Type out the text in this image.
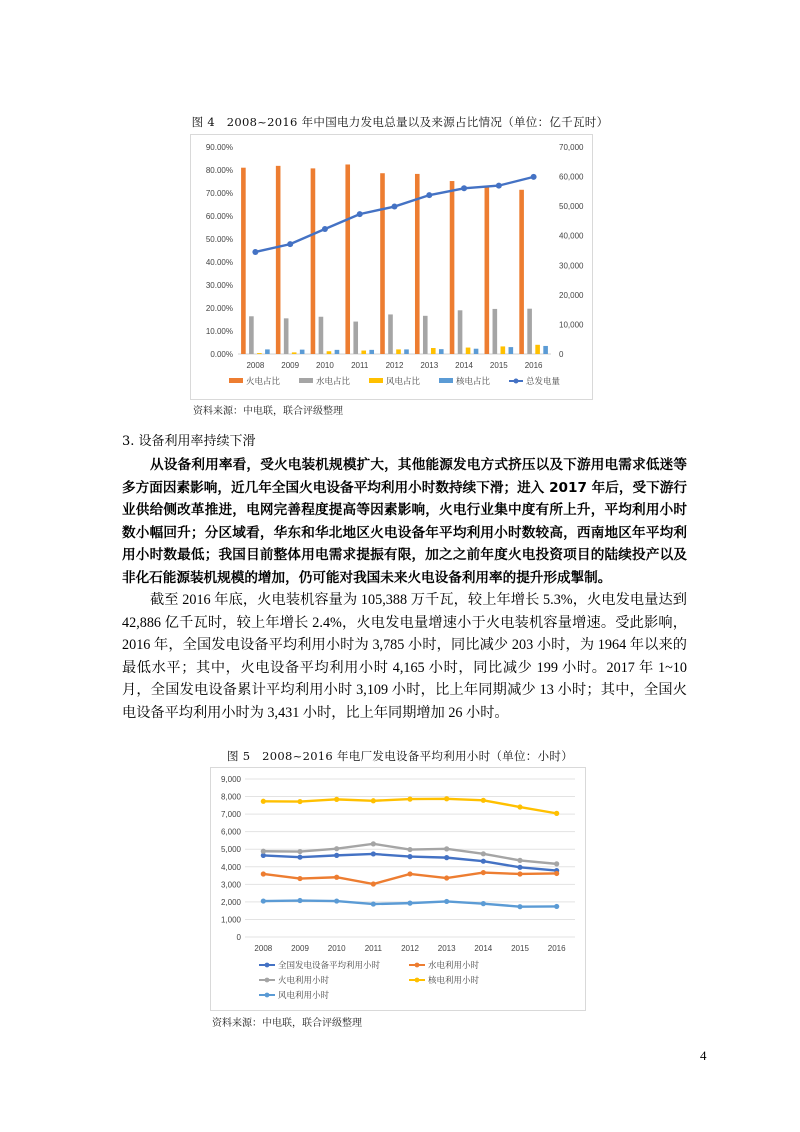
图 4　2008~2016 年中国电力发电总量以及来源占比情况（单位：亿千瓦时）
0.00%
10.00%
20.00%
30.00%
40.00%
50.00%
60.00%
70.00%
80.00%
90.00%
0
10,000
20,000
30,000
40,000
50,000
60,000
70,000
2008 2009 2010 2011 2012 2013 2014 2015 2016
火电占比	水电占比	风电占比	核电占比	总发电量
资料来源：中电联，联合评级整理
3. 设备利用率持续下滑
从设备利用率看，受火电装机规模扩大，其他能源发电方式挤压以及下游用电需求低迷等多方面因素影响，近几年全国火电设备平均利用小时数持续下滑；进入 2017 年后，受下游行业供给侧改革推进，电网完善程度提高等因素影响，火电行业集中度有所上升，平均利用小时数小幅回升；分区域看，华东和华北地区火电设备年平均利用小时数较高，西南地区年平均利用小时数最低；我国目前整体用电需求提振有限，加之之前年度火电投资项目的陆续投产以及非化石能源装机规模的增加，仍可能对我国未来火电设备利用率的提升形成掣制。
截至 2016 年底，火电装机容量为 105,388 万千瓦，较上年增长 5.3%，火电发电量达到 42,886 亿千瓦时，较上年增长 2.4%，火电发电量增速小于火电装机容量增速。受此影响，2016 年，全国发电设备平均利用小时为 3,785 小时，同比减少 203 小时，为 1964 年以来的最低水平；其中，火电设备平均利用小时 4,165 小时，同比减少 199 小时。2017 年 1~10 月，全国发电设备累计平均利用小时 3,109 小时，比上年同期减少 13 小时；其中，全国火电设备平均利用小时为 3,431 小时，比上年同期增加 26 小时。
图 5　2008~2016 年电厂发电设备平均利用小时（单位：小时）
0
1,000
2,000
3,000
4,000
5,000
6,000
7,000
8,000
9,000
2008 2009 2010 2011 2012 2013 2014 2015 2016
全国发电设备平均利用小时	水电利用小时
火电利用小时	核电利用小时
风电利用小时
资料来源：中电联，联合评级整理
4
